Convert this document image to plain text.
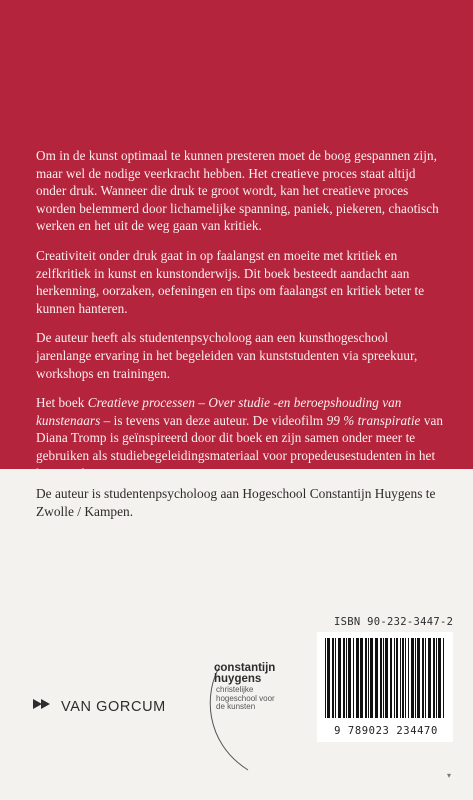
Om in de kunst optimaal te kunnen presteren moet de boog gespannen zijn, maar wel de nodige veerkracht hebben. Het creatieve proces staat altijd onder druk. Wanneer die druk te groot wordt, kan het creatieve proces worden belemmerd door lichamelijke spanning, paniek, piekeren, chaotisch werken en het uit de weg gaan van kritiek.

Creativiteit onder druk gaat in op faalangst en moeite met kritiek en zelfkritiek in kunst en kunstonderwijs. Dit boek besteedt aandacht aan herkenning, oorzaken, oefeningen en tips om faalangst en kritiek beter te kunnen hanteren.

De auteur heeft als studentenpsycholoog aan een kunsthogeschool jarenlange ervaring in het begeleiden van kunststudenten via spreekuur, workshops en trainingen.

Het boek Creatieve processen – Over studie -en beroepshouding van kunstenaars – is tevens van deze auteur. De videofilm 99 % transpiratie van Diana Tromp is geïnspireerd door dit boek en zijn samen onder meer te gebruiken als studiebegeleidingsmateriaal voor propedeusestudenten in het kunstonderwijs.

De auteur is studentenpsycholoog aan Hogeschool Constantijn Huygens te Zwolle / Kampen.

ISBN 90-232-3447-2
9 789023 234470
VAN GORCUM
constantijn
huygens
christelijke
hogeschool voor
de kunsten
▾
